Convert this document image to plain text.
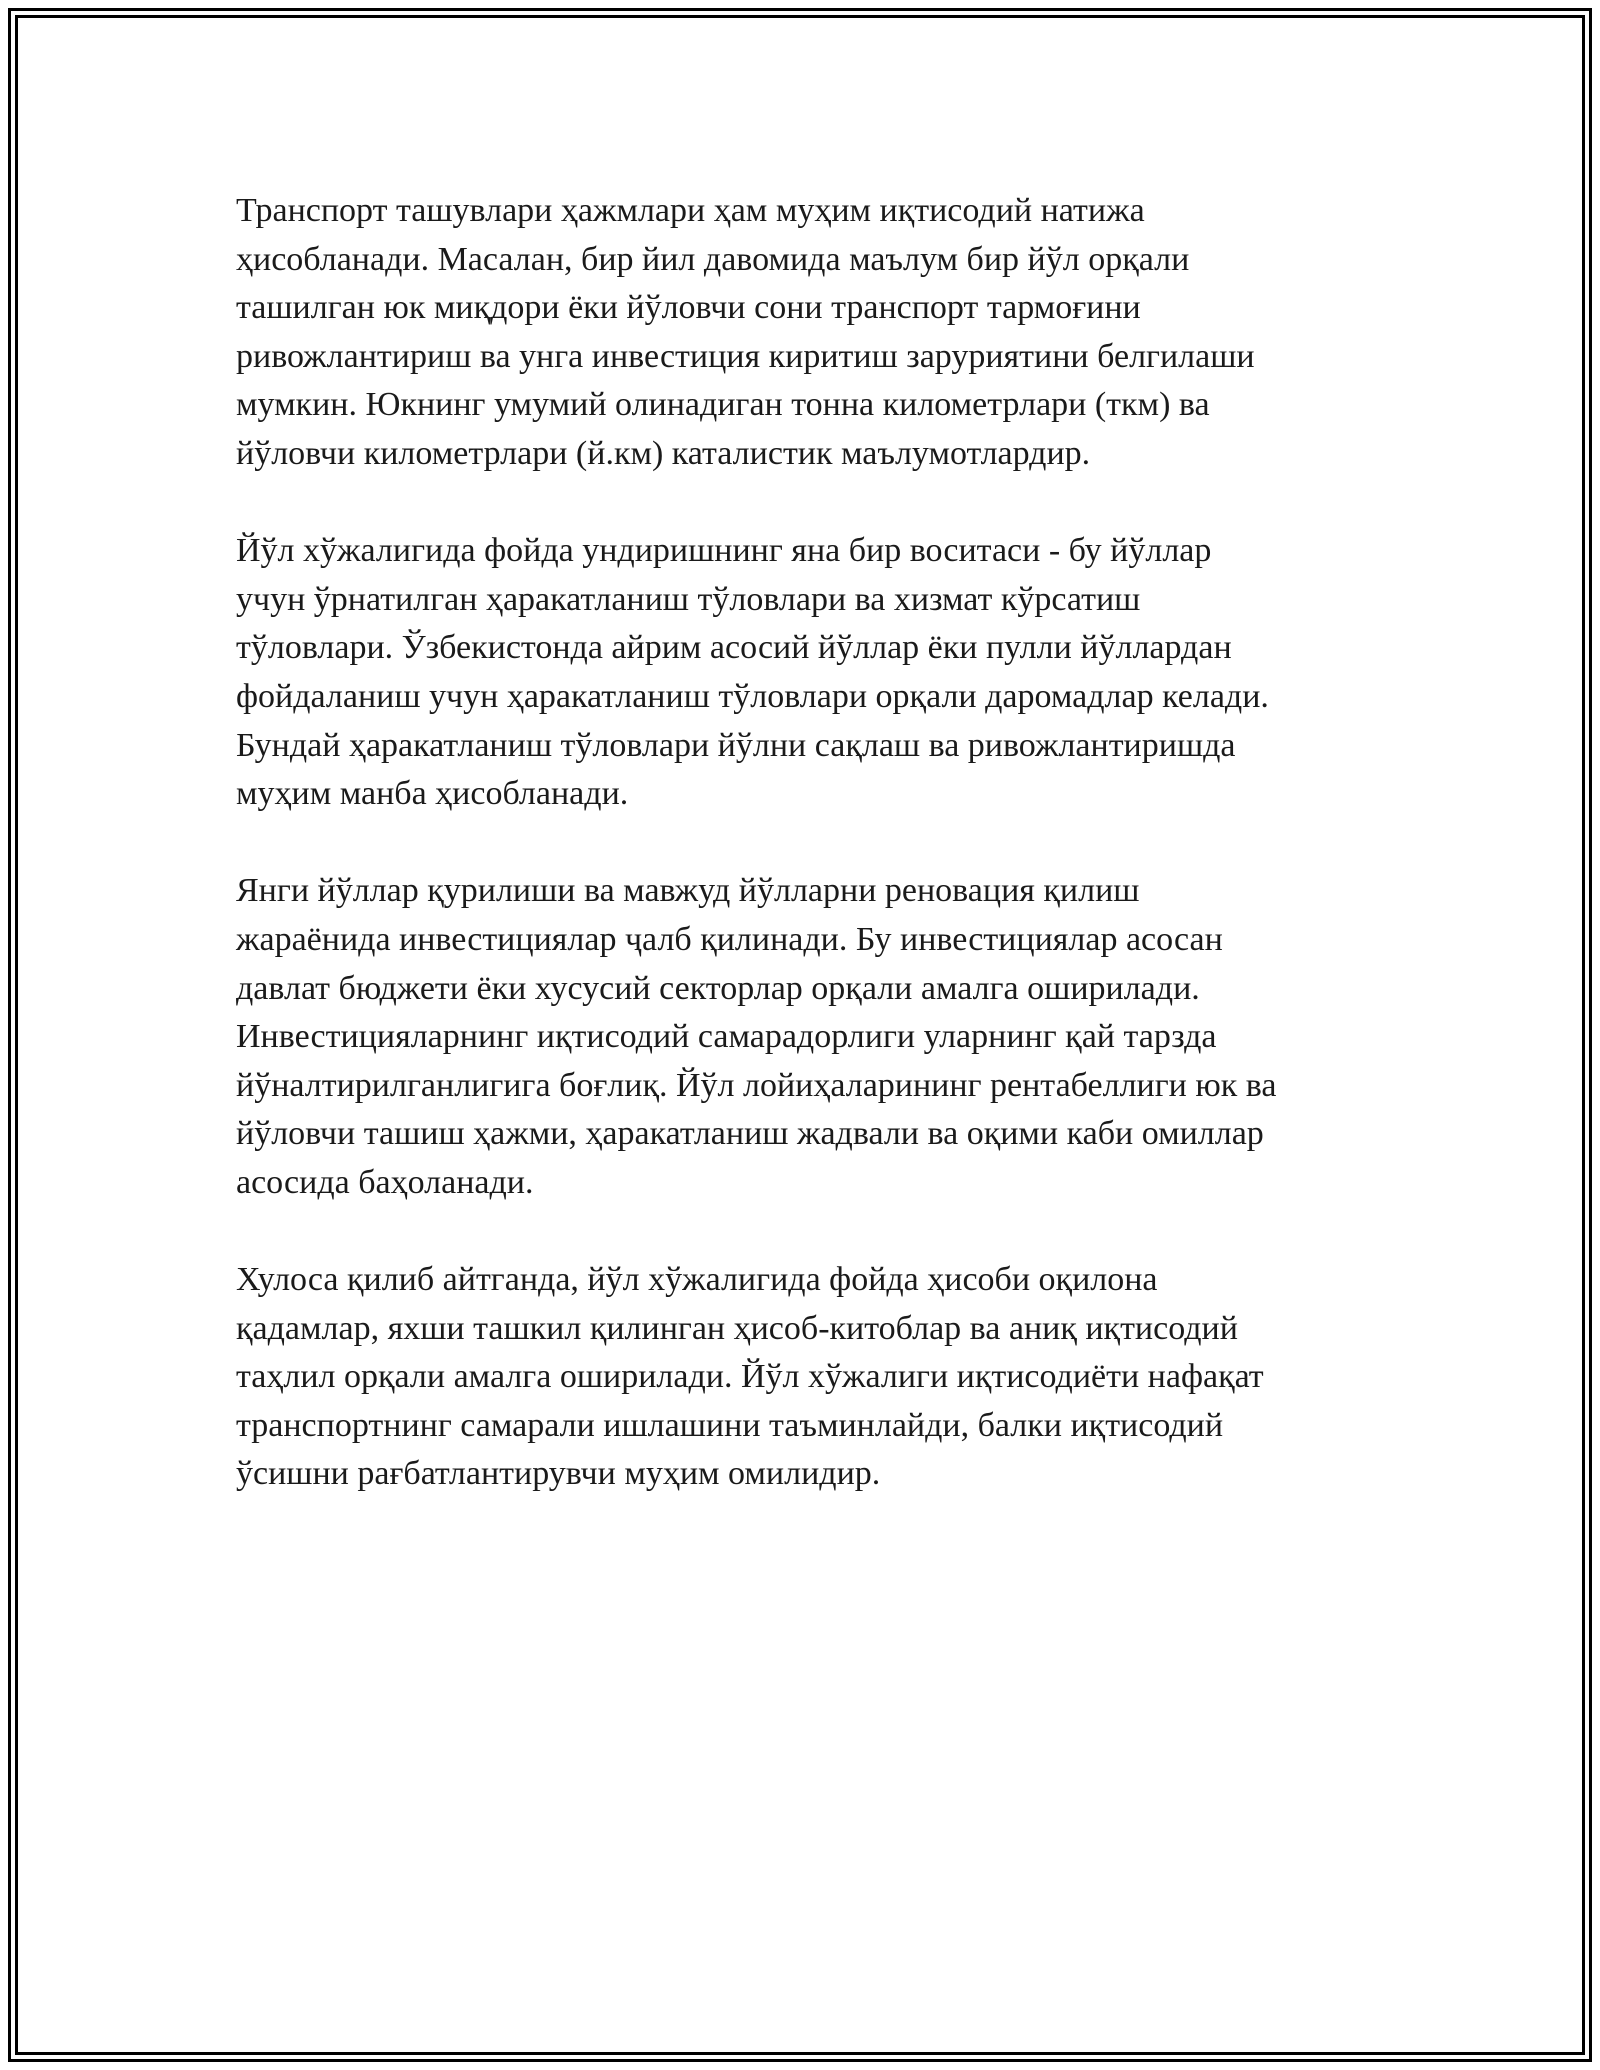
Транспорт ташувлари ҳажмлари ҳам муҳим иқтисодий натижа
ҳисобланади. Масалан, бир йил давомида маълум бир йўл орқали
ташилган юк миқдори ёки йўловчи сони транспорт тармоғини
ривожлантириш ва унга инвестиция киритиш заруриятини белгилаши
мумкин. Юкнинг умумий олинадиган тонна километрлари (ткм) ва
йўловчи километрлари (й.км) каталистик маълумотлардир.

Йўл хўжалигида фойда ундиришнинг яна бир воситаси - бу йўллар
учун ўрнатилган ҳаракатланиш тўловлари ва хизмат кўрсатиш
тўловлари. Ўзбекистонда айрим асосий йўллар ёки пулли йўллардан
фойдаланиш учун ҳаракатланиш тўловлари орқали даромадлар келади.
Бундай ҳаракатланиш тўловлари йўлни сақлаш ва ривожлантиришда
муҳим манба ҳисобланади.

Янги йўллар қурилиши ва мавжуд йўлларни реновация қилиш
жараёнида инвестициялар ҷалб қилинади. Бу инвестициялар асосан
давлат бюджети ёки хусусий секторлар орқали амалга оширилади.
Инвестицияларнинг иқтисодий самарадорлиги уларнинг қай тарзда
йўналтирилганлигига боғлиқ. Йўл лойиҳаларининг рентабеллиги юк ва
йўловчи ташиш ҳажми, ҳаракатланиш жадвали ва оқими каби омиллар
асосида баҳоланади.

Хулоса қилиб айтганда, йўл хўжалигида фойда ҳисоби оқилона
қадамлар, яхши ташкил қилинган ҳисоб-китоблар ва аниқ иқтисодий
таҳлил орқали амалга оширилади. Йўл хўжалиги иқтисодиёти нафақат
транспортнинг самарали ишлашини таъминлайди, балки иқтисодий
ўсишни рағбатлантирувчи муҳим омилидир.
